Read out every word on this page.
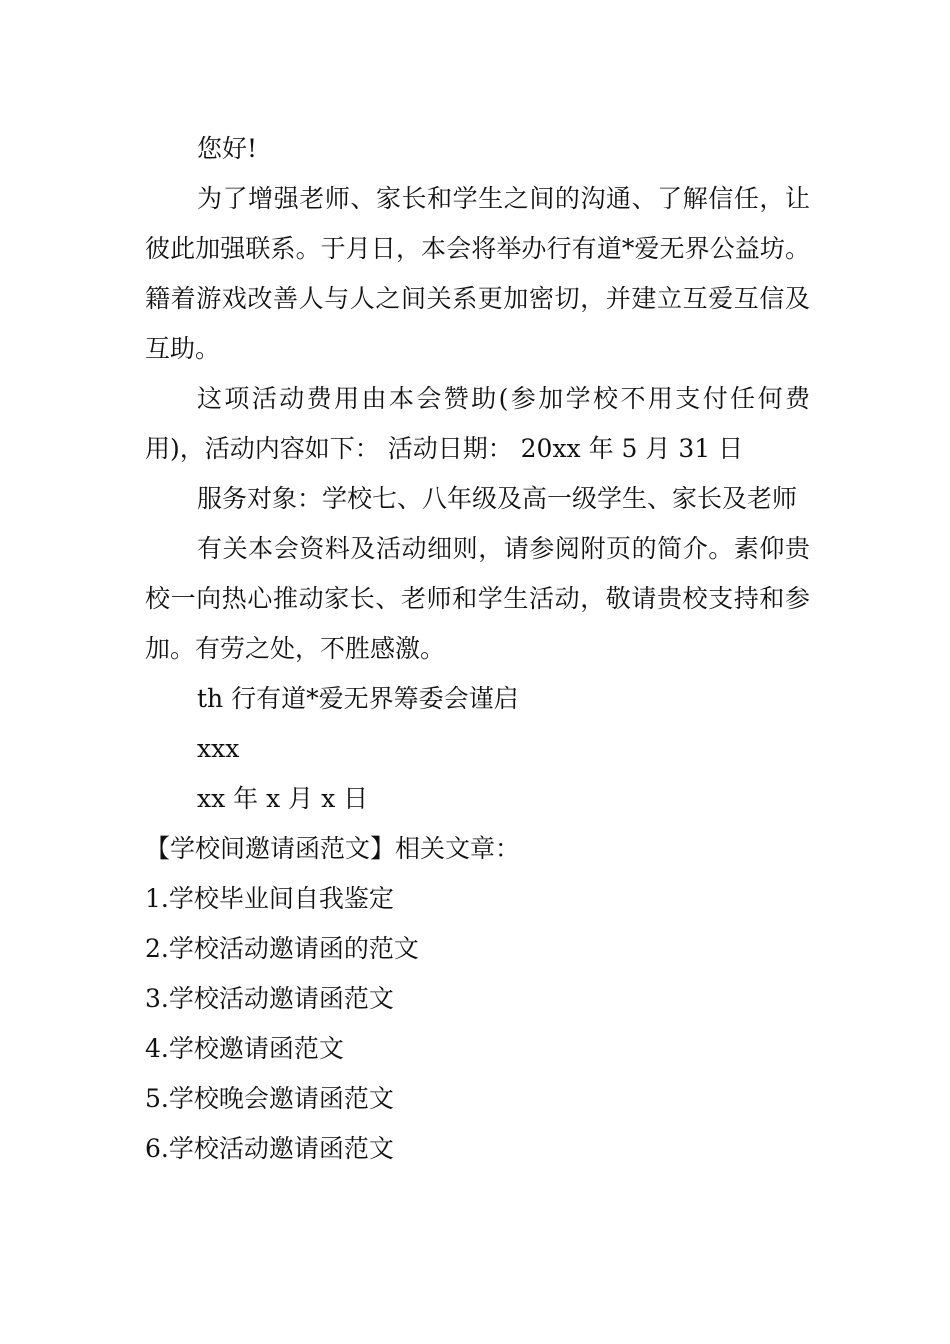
您好!

为了增强老师、家长和学生之间的沟通、了解信任，让彼此加强联系。于月日，本会将举办行有道*爱无界公益坊。籍着游戏改善人与人之间关系更加密切，并建立互爱互信及互助。

这项活动费用由本会赞助(参加学校不用支付任何费用)，活动内容如下： 活动日期： 20xx 年 5 月 31 日

服务对象：学校七、八年级及高一级学生、家长及老师

有关本会资料及活动细则，请参阅附页的简介。素仰贵校一向热心推动家长、老师和学生活动，敬请贵校支持和参加。有劳之处，不胜感激。

th 行有道*爱无界筹委会谨启

xxx

xx 年 x 月 x 日

【学校间邀请函范文】相关文章：

1.学校毕业间自我鉴定

2.学校活动邀请函的范文

3.学校活动邀请函范文

4.学校邀请函范文

5.学校晚会邀请函范文

6.学校活动邀请函范文
